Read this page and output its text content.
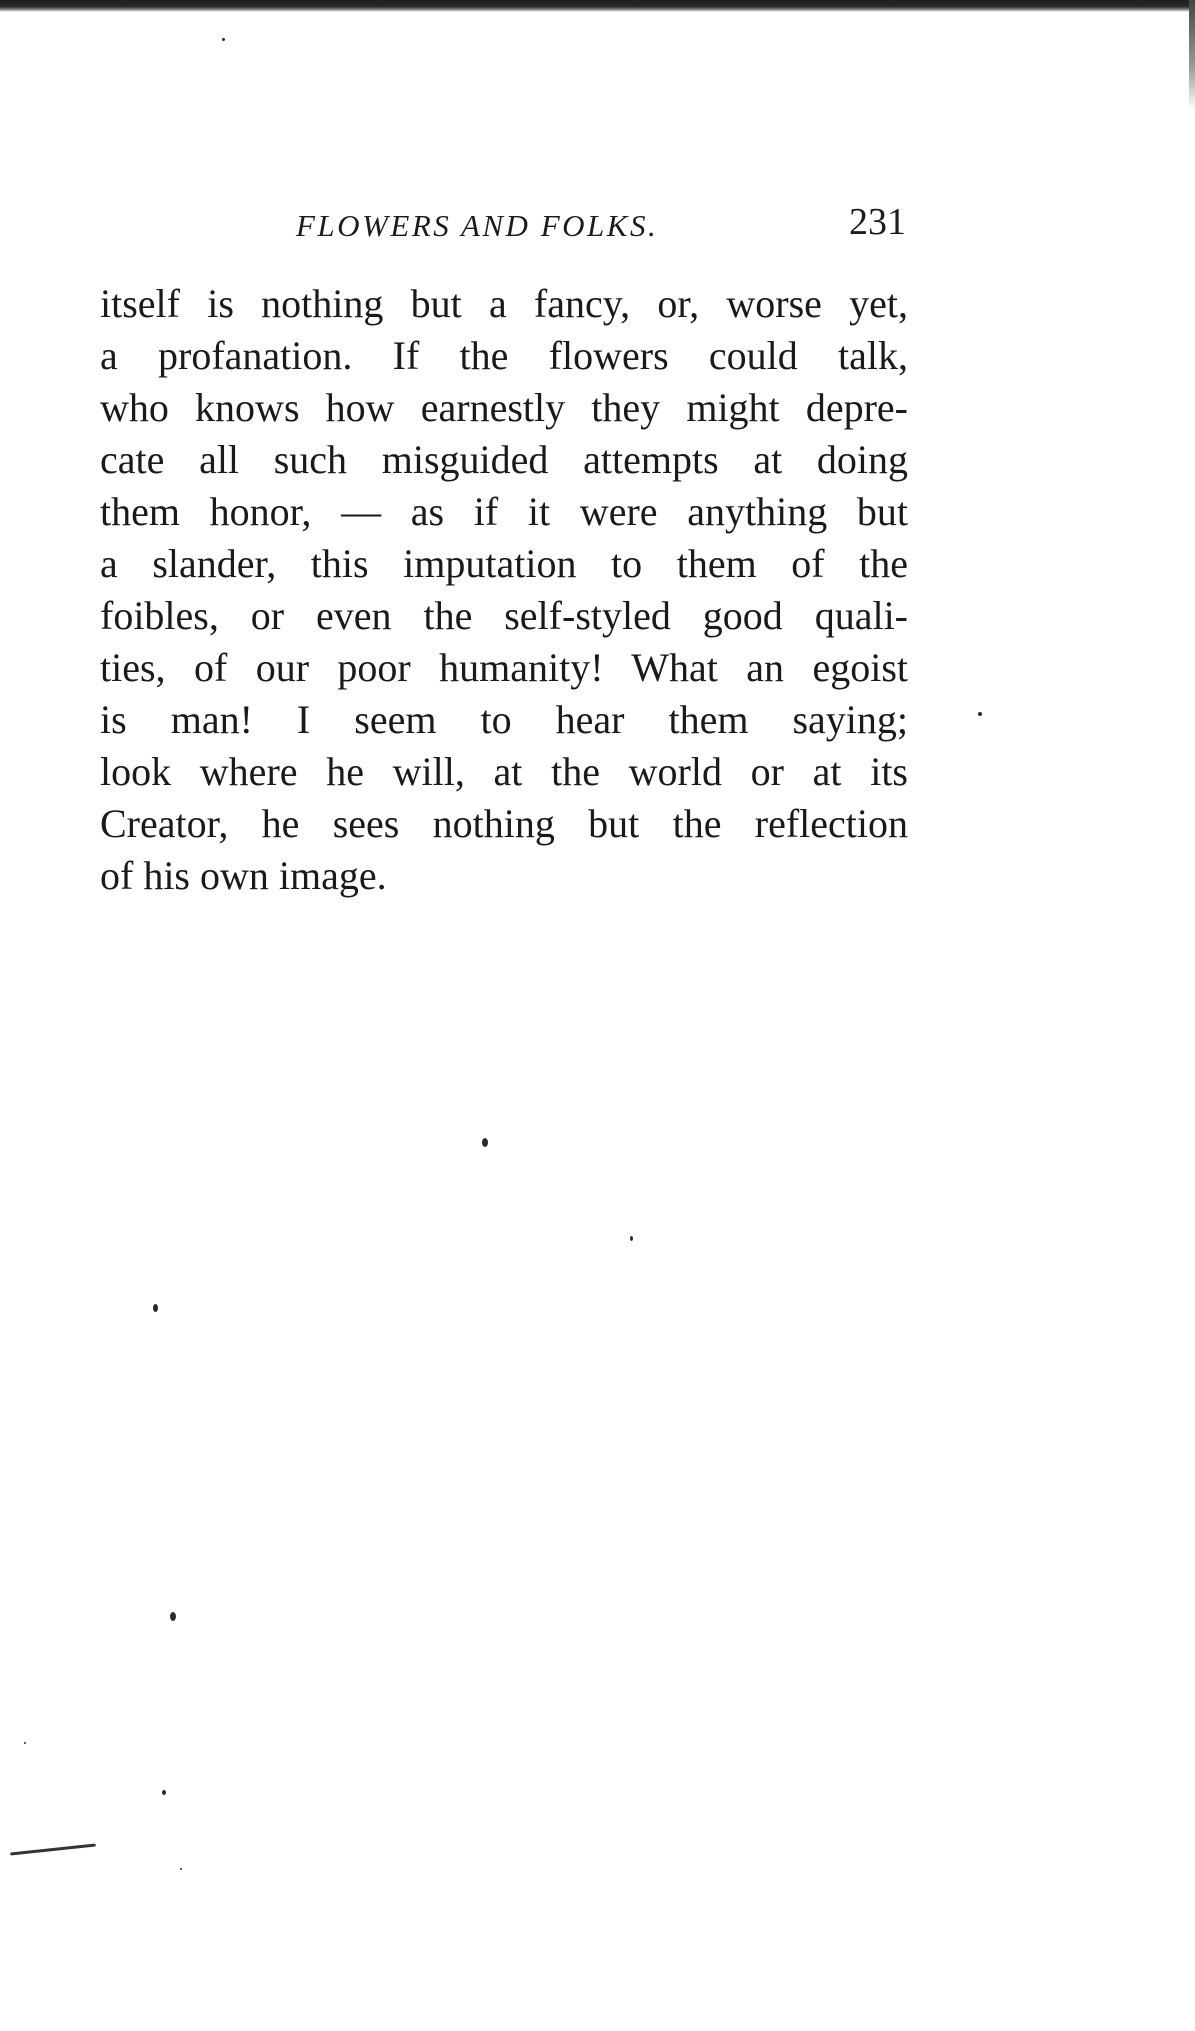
FLOWERS AND FOLKS.	231
itself is nothing but a fancy, or, worse yet,
a profanation. If the flowers could talk,
who knows how earnestly they might depre-
cate all such misguided attempts at doing
them honor, — as if it were anything but
a slander, this imputation to them of the
foibles, or even the self-styled good quali-
ties, of our poor humanity! What an egoist
is man! I seem to hear them saying;
look where he will, at the world or at its
Creator, he sees nothing but the reflection
of his own image.
